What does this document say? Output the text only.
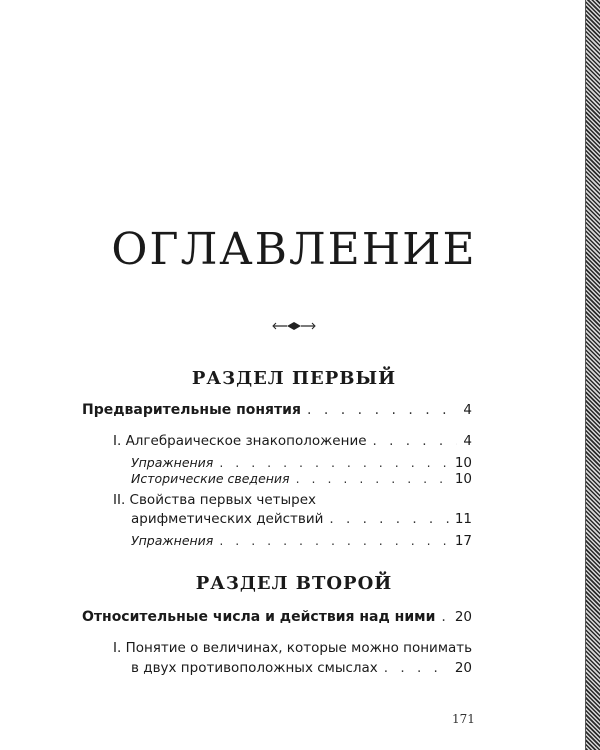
ОГЛАВЛЕНИЕ
РАЗДЕЛ ПЕРВЫЙ
Предварительные понятия . . .	4
I. Алгебраическое знакоположение . . .	4
Упражнения . . .	10
Исторические сведения . . .	10
II. Свойства первых четырех
арифметических действий . . .	11
Упражнения . . .	17
РАЗДЕЛ ВТОРОЙ
Относительные числа и действия над ними . . . 20
I. Понятие о величинах, которые можно понимать
в двух противоположных смыслах . . .	20
171
